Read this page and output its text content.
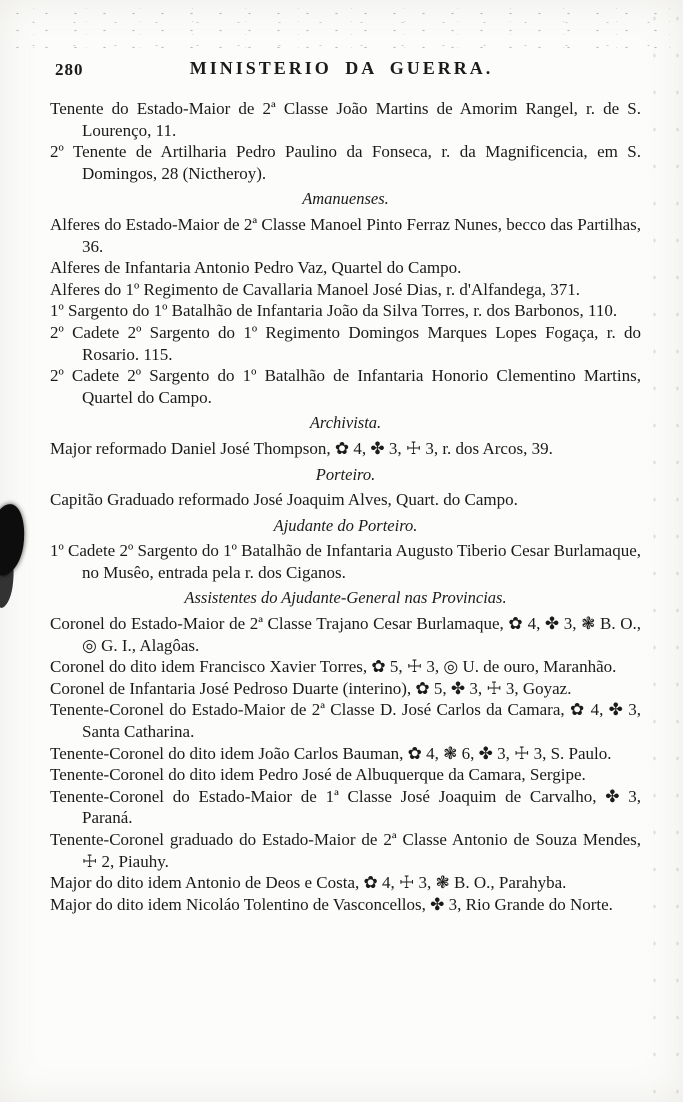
280	MINISTERIO DA GUERRA.

Tenente do Estado-Maior de 2ª Classe João Martins de Amorim Rangel, r. de S. Lourenço, 11.

2º Tenente de Artilharia Pedro Paulino da Fonseca, r. da Magnificencia, em S. Domingos, 28 (Nictheroy).

Amanuenses.

Alferes do Estado-Maior de 2ª Classe Manoel Pinto Ferraz Nunes, becco das Partilhas, 36.

Alferes de Infantaria Antonio Pedro Vaz, Quartel do Campo.

Alferes do 1º Regimento de Cavallaria Manoel José Dias, r. d'Alfandega, 371.

1º Sargento do 1º Batalhão de Infantaria João da Silva Torres, r. dos Barbonos, 110.

2º Cadete 2º Sargento do 1º Regimento Domingos Marques Lopes Fogaça, r. do Rosario. 115.

2º Cadete 2º Sargento do 1º Batalhão de Infantaria Honorio Clementino Martins, Quartel do Campo.

Archivista.

Major reformado Daniel José Thompson, ✿ 4, ✤ 3, ☩ 3, r. dos Arcos, 39.

Porteiro.

Capitão Graduado reformado José Joaquim Alves, Quart. do Campo.

Ajudante do Porteiro.

1º Cadete 2º Sargento do 1º Batalhão de Infantaria Augusto Tiberio Cesar Burlamaque, no Musêo, entrada pela r. dos Ciganos.

Assistentes do Ajudante-General nas Provincias.

Coronel do Estado-Maior de 2ª Classe Trajano Cesar Burlamaque, ✿ 4, ✤ 3, ❃ B. O., ◎ G. I., Alagôas.

Coronel do dito idem Francisco Xavier Torres, ✿ 5, ☩ 3, ◎ U. de ouro, Maranhão.

Coronel de Infantaria José Pedroso Duarte (interino), ✿ 5, ✤ 3, ☩ 3, Goyaz.

Tenente-Coronel do Estado-Maior de 2ª Classe D. José Carlos da Camara, ✿ 4, ✤ 3, Santa Catharina.

Tenente-Coronel do dito idem João Carlos Bauman, ✿ 4, ❃ 6, ✤ 3, ☩ 3, S. Paulo.

Tenente-Coronel do dito idem Pedro José de Albuquerque da Camara, Sergipe.

Tenente-Coronel do Estado-Maior de 1ª Classe José Joaquim de Carvalho, ✤ 3, Paraná.

Tenente-Coronel graduado do Estado-Maior de 2ª Classe Antonio de Souza Mendes, ☩ 2, Piauhy.

Major do dito idem Antonio de Deos e Costa, ✿ 4, ☩ 3, ❃ B. O., Parahyba.

Major do dito idem Nicoláo Tolentino de Vasconcellos, ✤ 3, Rio Grande do Norte.
